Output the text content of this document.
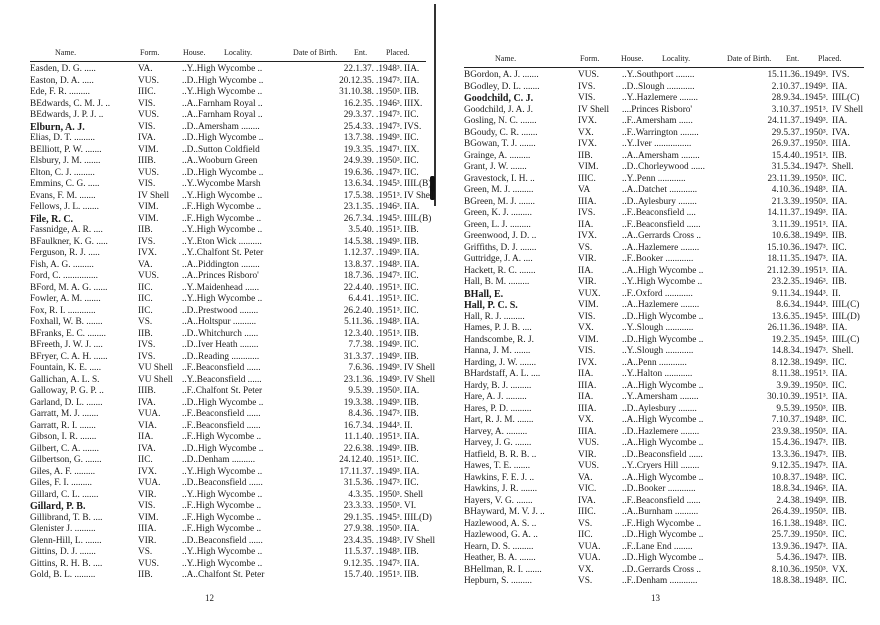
Name.	Form.	House. Locality.	Date of Birth. Ent. Placed.
Easden, D. G. .....	VA.	..Y..High Wycombe ..	22.1.37. .1948³. IIA.
Easton, D. A. .....	VUS.	..D..High Wycombe ..	20.12.35. .1947³. IIA.
Ede, F. R. .........	IIIC.	..Y..High Wycombe ..	31.10.38. .1950³. IIB.
BEdwards, C. M. J. ..	VIS.	..A..Farnham Royal ..	16.2.35. .1946³. IIIX.
BEdwards, J. P. J. ..	VUS.	..A..Farnham Royal ..	29.3.37. .1947³. IIC.
Elburn, A. J.	VIS.	..D..Amersham ........	25.4.33. .1947³. IVS.
Elias, D. T. .........	IVA.	..D..High Wycombe ..	13.7.38. .1949³. IIC.
BElliott, P. W. .......	VIM.	..D..Sutton Coldfield	19.3.35. .1947¹. IIX.
Elsbury, J. M. .......	IIIB.	..A..Wooburn Green	24.9.39. .1950³. IIC.
Elton, C. J. .........	VUS.	..D..High Wycombe ..	19.6.36. .1947³. IIC.
Emmins, C. G. .....	VIS.	..Y..Wycombe Marsh	13.6.34. .1945³. IIIL(B)
Evans, F. M. .......	IV Shell	..Y..High Wycombe ..	17.5.38. .1951³. IV Shell
Fellows, J. L. .......	VIM.	..F..High Wycombe ..	23.1.35. .1946³. IIA.
File, R. C.	VIM.	..F..High Wycombe ..	26.7.34. .1945³. IIIL(B)
Fassnidge, A. R. ....	IIB.	..Y..High Wycombe ..	3.5.40. .1951³. IIB.
BFaulkner, K. G. .....	IVS.	..Y..Eton Wick ..........	14.5.38. .1949³. IIB.
Ferguson, R. J. .....	IVX.	..Y..Chalfont St. Peter	1.12.37. .1949³. IIA.
Fish, A. G. .........	VA.	..A..Piddington ........	13.8.37. .1948³. IIA.
Ford, C. ...............	VUS.	..A..Princes Risboro'	18.7.36. .1947³. IIC.
BFord, M. A. G. ......	IIC.	..Y..Maidenhead ......	22.4.40. .1951³. IIC.
Fowler, A. M. .......	IIC.	..Y..High Wycombe ..	6.4.41. .1951³. IIC.
Fox, R. I. ............	IIC.	..D..Prestwood ........	26.2.40. .1951³. IIC.
Foxhall, W. B. .......	VS.	..A..Holtspur ..........	5.11.36. .1948³. IIA.
BFranks, E. C. ........	IIB.	..D..Whitchurch ......	12.3.40. .1951³. IIB.
BFreeth, J. W. J. ....	IVS.	..D..Iver Heath ........	7.7.38. .1949³. IIC.
BFryer, C. A. H. ......	IVS.	..D..Reading ............	31.3.37. .1949³. IIB.
Fountain, K. E. .....	VU Shell ..F..Beaconsfield ......	7.6.36. .1949³. IV Shell
Gallichan, A. L. S.	VU Shell ..Y..Beaconsfield ......	23.1.36. .1949³. IV Shell
Galloway, P. G. P. ..	IIIB.	..F..Chalfont St. Peter	9.5.39. .1950³. IIA.
Garland, D. L. .......	IVA.	..D..High Wycombe ..	19.3.38. .1949³. IIB.
Garratt, M. J. .......	VUA.	..F..Beaconsfield ......	8.4.36. .1947³. IIB.
Garratt, R. I. .......	VIA.	..F..Beaconsfield ......	16.7.34. .1944³. II.
Gibson, I. R. .......	IIA.	..F..High Wycombe ..	11.1.40. .1951³. IIA.
Gilbert, C. A. .......	IVA.	..D..High Wycombe ..	22.6.38. .1949³. IIB.
Gilbertson, G. .......	IIC.	..D..Denham ..........	24.12.40. .1951³. IIC.
Giles, A. F. .........	IVX.	..Y..High Wycombe ..	17.11.37. .1949³. IIA.
Giles, F. I. .........	VUA.	..D..Beaconsfield ......	31.5.36. .1947³. IIC.
Gillard, C. L. .......	VIR.	..Y..High Wycombe ..	4.3.35. .1950³. Shell
Gillard, P. B.	VIS.	..F..High Wycombe ..	23.3.33. .1950³. VI.
Gillibrand, T. B. ....	VIM.	..F..High Wycombe ..	29.1.35. .1945³. IIIL(D)
Glenister J. .........	IIIA.	..F..High Wycombe ..	27.9.38. .1950³. IIA.
Glenn-Hill, L. .......	VIR.	..D..Beaconsfield ......	23.4.35. .1948³. IV Shell
Gittins, D. J. .......	VS.	..Y..High Wycombe ..	11.5.37. .1948³. IIB.
Gittins, R. H. B. ....	VUS.	..Y..High Wycombe ..	9.12.35. .1947³. IIA.
Gold, B. L. .........	IIB.	..A..Chalfont St. Peter	15.7.40. .1951³. IIB.
12
Name.	Form.	House. Locality.	Date of Birth. Ent. Placed.
BGordon, A. J. .......	VUS.	..Y..Southport ........	15.11.36. .1949³. IVS.
BGodley, D. L. .......	IVS.	..D..Slough ............	2.10.37. .1949³. IIA.
Goodchild, C. J.	VIS.	..Y..Hazlemere ........	28.9.34. .1945³. IIIL(C)
Goodchild, J. A. J.	IV Shell	....Princes Risboro'	3.10.37. .1951³. IV Shell
Gosling, N. C. .......	IVX.	..F..Amersham ......	24.11.37. .1949³. IIA.
BGoudy, C. R. .......	VX.	..F..Warrington ........	29.5.37. .1950³. IVA.
BGowan, T. J. .......	IVX.	..Y..Iver ................	26.9.37. .1950³. IIIA.
Grainge, A. .........	IIB.	..A..Amersham ........	15.4.40. .1951³. IIB.
Grant, J. W. .......	VIM.	..D..Chorleywood ......	31.5.34. .1947³. Shell.
Gravestock, I. H. ..	IIIC.	..Y..Penn ............	23.11.39. .1950³. IIC.
Green, M. J. .........	VA	..A..Datchet ............	4.10.36. .1948³. IIA.
BGreen, M. J. .......	IIIA.	..D..Aylesbury ........	21.3.39. .1950³. IIA.
Green, K. J. .........	IVS.	..F..Beaconsfield ....	14.11.37. .1949³. IIA.
Green, L. J. .........	IIA.	..F..Beaconsfield ......	3.11.39. .1951³. IIA.
Greenwood, J. D. ..	IVX.	..A..Gerrards Cross ..	10.6.38. .1949³. IIB.
Griffiths, D. J. .......	VS.	..A..Hazlemere ........	15.10.36. .1947³. IIC.
Guttridge, J. A. ....	VIR.	..F..Booker ............	18.11.35. .1947³. IIA.
Hackett, R. C. .......	IIA.	..A..High Wycombe ..	21.12.39. .1951³. IIA.
Hall, B. M. .........	VIR.	..Y..High Wycombe ..	23.2.35. .1946³. IIB.
BHall, E.	VUX.	..F..Oxford ............	9.11.34. .1944³. II.
Hall, P. C. S.	VIM.	..A..Hazlemere ........	8.6.34. .1944³. IIIL(C)
Hall, R. J. .........	VIS.	..D..High Wycombe ..	13.6.35. .1945³. IIIL(D)
Hames, P. J. B. ....	VX.	..Y..Slough ............	26.11.36. .1948³. IIA.
Handscombe, R. J.	VIM.	..D..High Wycombe ..	19.2.35. .1945³. IIIL(C)
Hanna, J. M. .......	VIS.	..Y..Slough ............	14.8.34. .1947³. Shell.
Harding, J. W. .......	IVX.	..A..Penn ............	8.12.38. .1949³. IIC.
BHardstaff, A. L. ....	IIA.	..Y..Halton ............	8.11.38. .1951³. IIA.
Hardy, B. J. .........	IIIA.	..A..High Wycombe ..	3.9.39. .1950³. IIC.
Hare, A. J. .........	IIA.	..Y..Amersham ........	30.10.39. .1951³. IIA.
Hares, P. D. .........	IIIA.	..D..Aylesbury ........	9.5.39. .1950³. IIB.
Hart, R. J. M. .......	VX.	..A..High Wycombe ..	7.10.37. .1948³. IIC.
Harvey, A. .........	IIIA.	..D..Hazlemere ........	23.9.38. .1950³. IIA.
Harvey, J. G. .......	VUS.	..A..High Wycombe ..	15.4.36. .1947³. IIB.
Hatfield, B. R. B. ..	VIR.	..D..Beaconsfield ......	13.3.36. .1947³. IIB.
Hawes, T. E. .......	VUS.	..Y..Cryers Hill ........	9.12.35. .1947³. IIA.
Hawkins, F. E. J. ..	VA.	..A..High Wycombe ..	10.8.37. .1948³. IIC.
Hawkins, J. R. .......	VIC.	..D..Booker ............	18.8.34. .1946³. IIA.
Hayers, V. G. .......	IVA.	..F..Beaconsfield ......	2.4.38. .1949³. IIB.
BHayward, M. V. J. ..	IIIC.	..A..Burnham ..........	26.4.39. .1950³. IIB.
Hazlewood, A. S. ..	VS.	..F..High Wycombe ..	16.1.38. .1948³. IIC.
Hazlewood, G. A. ..	IIC.	..D..High Wycombe ..	25.7.39. .1950³. IIC.
Hearn, D. S. .........	VUA.	..F..Lane End ........	13.9.36. .1947³. IIA.
Heather, B. A. .......	VUA.	..D..High Wycombe ..	5.4.36. .1947³. IIB.
BHellman, R. I. .......	VX.	..D..Gerrards Cross ..	8.10.36. .1950³. VX.
Hepburn, S. .........	VS.	..F..Denham ............	18.8.38. .1948³. IIC.
13
